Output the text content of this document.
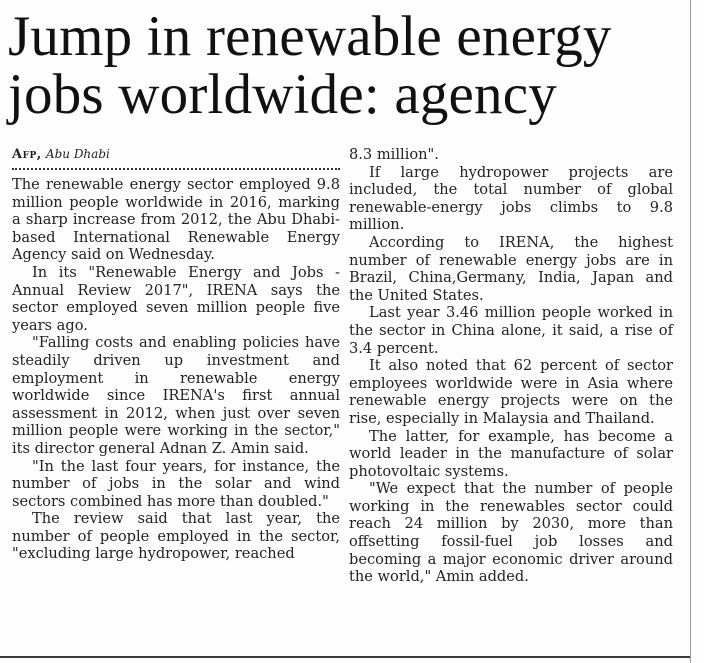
Jump in renewable energy
jobs worldwide: agency
Afp, Abu Dhabi

The renewable energy sector employed 9.8 million people worldwide in 2016, marking a sharp increase from 2012, the Abu Dhabi-based International Renewable Energy Agency said on Wednesday.

In its "Renewable Energy and Jobs - Annual Review 2017", IRENA says the sector employed seven million people five years ago.

"Falling costs and enabling policies have steadily driven up investment and employment in renewable energy worldwide since IRENA's first annual assessment in 2012, when just over seven million people were working in the sector," its director general Adnan Z. Amin said.

"In the last four years, for instance, the number of jobs in the solar and wind sectors combined has more than doubled."

The review said that last year, the number of people employed in the sector, "excluding large hydropower, reached

8.3 million".

If large hydropower projects are included, the total number of global renewable-energy jobs climbs to 9.8 million.

According to IRENA, the highest number of renewable energy jobs are in Brazil, China,Germany, India, Japan and the United States.

Last year 3.46 million people worked in the sector in China alone, it said, a rise of 3.4 percent.

It also noted that 62 percent of sector employees worldwide were in Asia where renewable energy projects were on the rise, especially in Malaysia and Thailand.

The latter, for example, has become a world leader in the manufacture of solar photovoltaic systems.

"We expect that the number of people working in the renewables sector could reach 24 million by 2030, more than offsetting fossil-fuel job losses and becoming a major economic driver around the world," Amin added.
